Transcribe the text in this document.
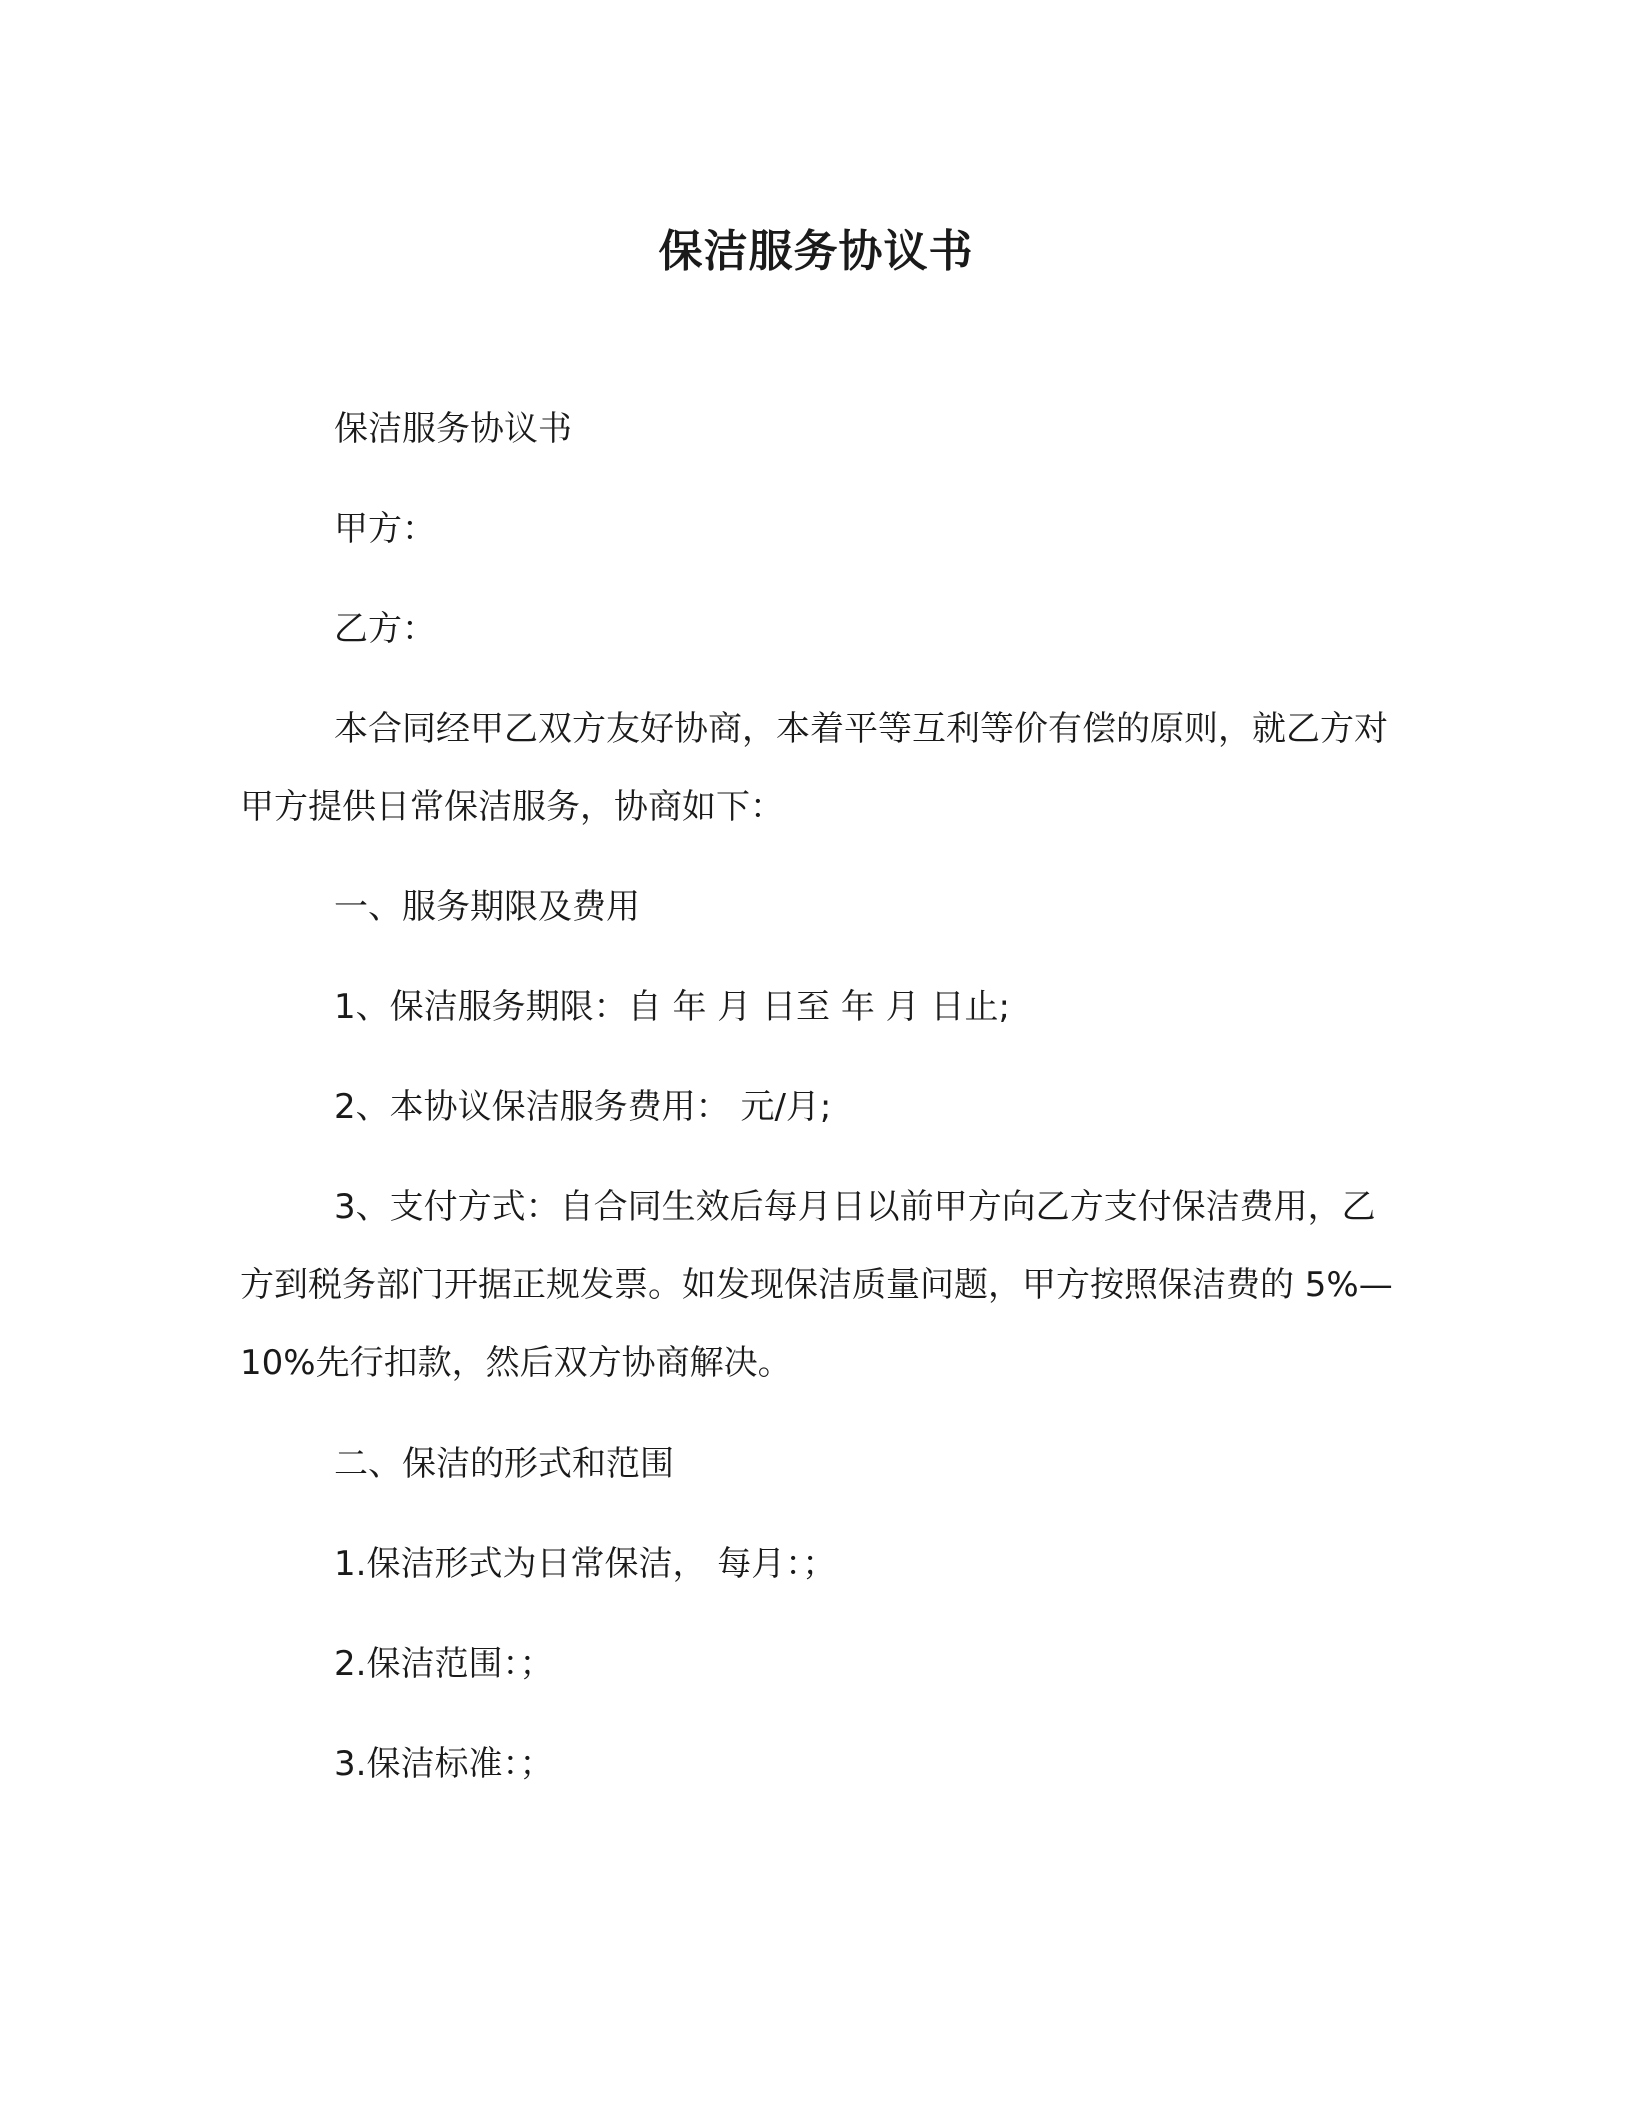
保洁服务协议书

保洁服务协议书

甲方：

乙方：

本合同经甲乙双方友好协商，本着平等互利等价有偿的原则，就乙方对甲方提供日常保洁服务，协商如下：

一、服务期限及费用

1、保洁服务期限：自 年 月 日至 年 月 日止;

2、本协议保洁服务费用： 元/月;

3、支付方式：自合同生效后每月日以前甲方向乙方支付保洁费用，乙方到税务部门开据正规发票。如发现保洁质量问题，甲方按照保洁费的 5%—10%先行扣款，然后双方协商解决。

二、保洁的形式和范围

1.保洁形式为日常保洁， 每月：；

2.保洁范围：；

3.保洁标准：；
